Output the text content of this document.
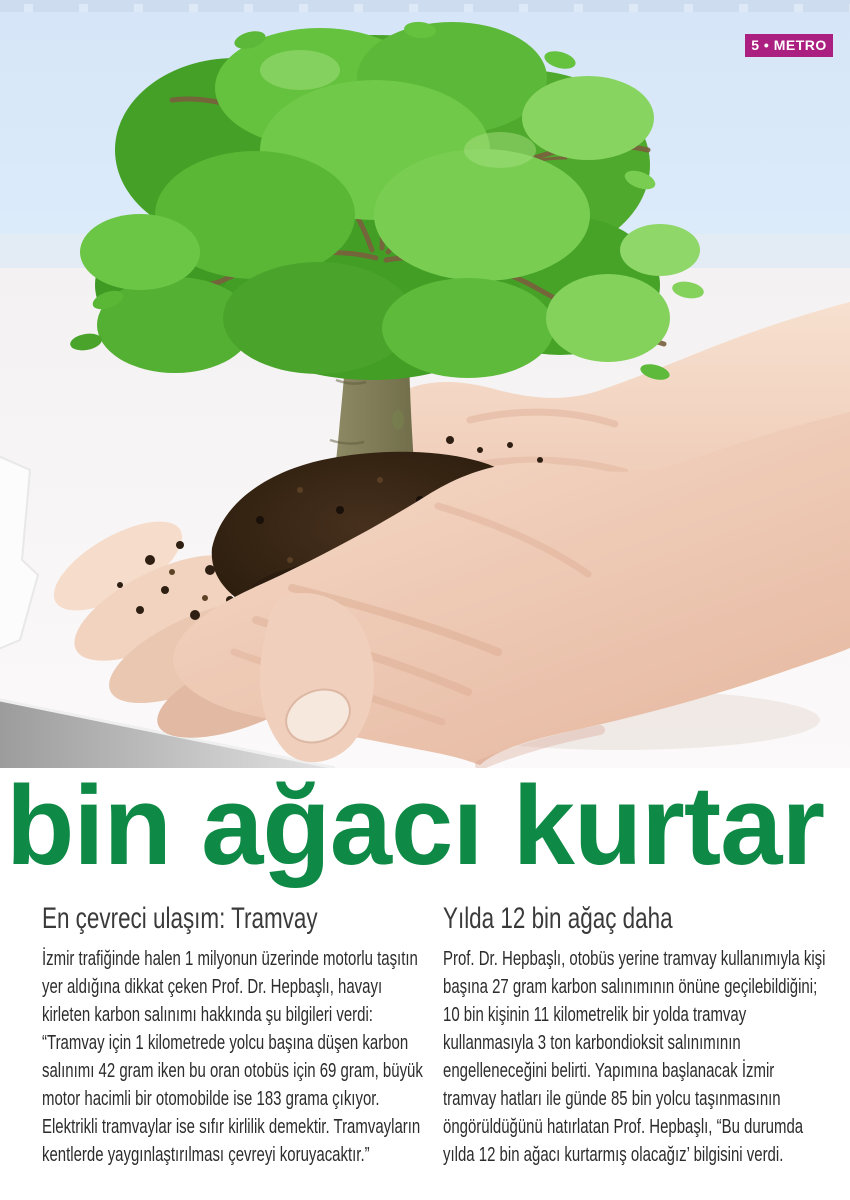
5 • METRO
bin ağacı kurtar
En çevreci ulaşım: Tramvay

İzmir trafiğinde halen 1 milyonun üzerinde motorlu taşıtın yer aldığına dikkat çeken Prof. Dr. Hepbaşlı, havayı kirleten karbon salınımı hakkında şu bilgileri verdi: “Tramvay için 1 kilometrede yolcu başına düşen karbon salınımı 42 gram iken bu oran otobüs için 69 gram, büyük motor hacimli bir otomobilde ise 183 grama çıkıyor. Elektrikli tramvaylar ise sıfır kirlilik demektir. Tramvayların kentlerde yaygınlaştırılması çevreyi koruyacaktır.”

Yılda 12 bin ağaç daha

Prof. Dr. Hepbaşlı, otobüs yerine tramvay kullanımıyla kişi başına 27 gram karbon salınımının önüne geçilebildiğini; 10 bin kişinin 11 kilometrelik bir yolda tramvay kullanmasıyla 3 ton karbondioksit salınımının engelleneceğini belirti. Yapımına başlanacak İzmir tramvay hatları ile günde 85 bin yolcu taşınmasının öngörüldüğünü hatırlatan Prof. Hepbaşlı, “Bu durumda yılda 12 bin ağacı kurtarmış olacağız’ bilgisini verdi.
